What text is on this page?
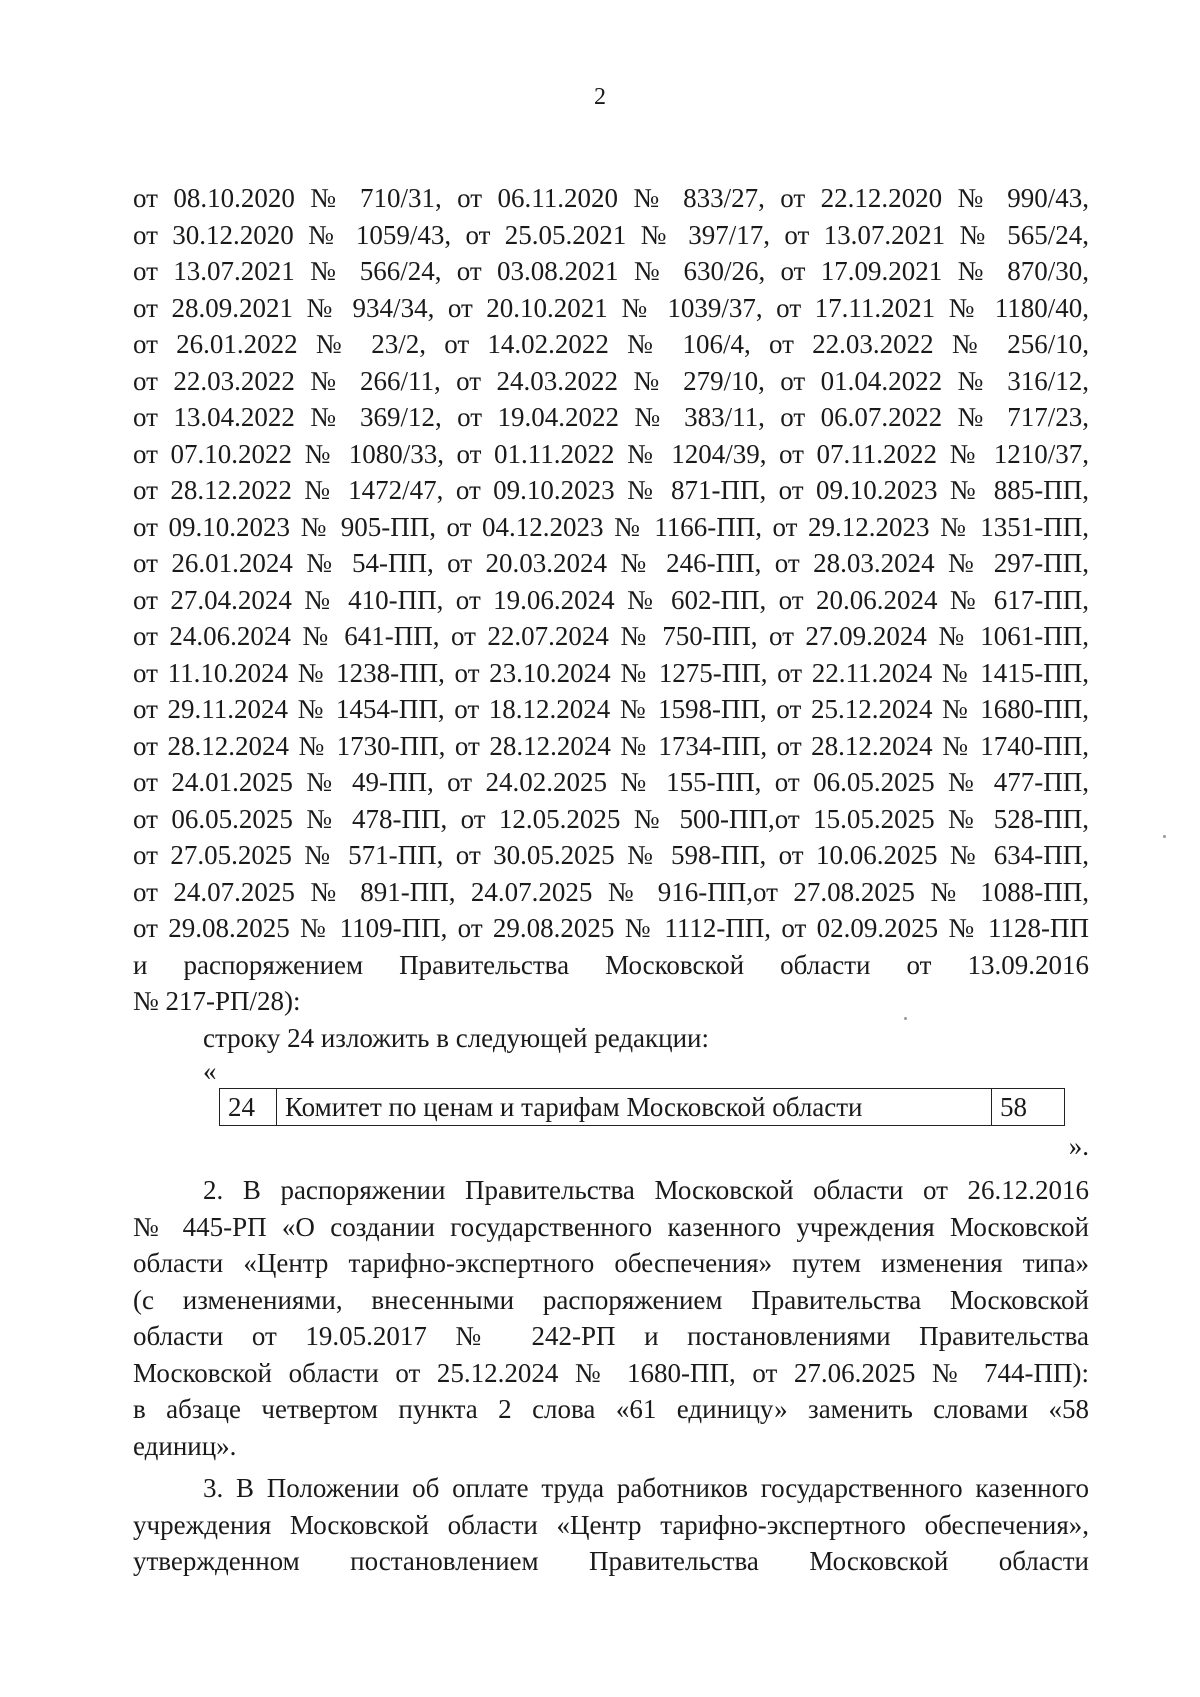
2
от 08.10.2020 № 710/31, от 06.11.2020 № 833/27, от 22.12.2020 № 990/43,
от 30.12.2020 № 1059/43, от 25.05.2021 № 397/17, от 13.07.2021 № 565/24,
от 13.07.2021 № 566/24, от 03.08.2021 № 630/26, от 17.09.2021 № 870/30,
от 28.09.2021 № 934/34, от 20.10.2021 № 1039/37, от 17.11.2021 № 1180/40,
от 26.01.2022 № 23/2, от 14.02.2022 № 106/4, от 22.03.2022 № 256/10,
от 22.03.2022 № 266/11, от 24.03.2022 № 279/10, от 01.04.2022 № 316/12,
от 13.04.2022 № 369/12, от 19.04.2022 № 383/11, от 06.07.2022 № 717/23,
от 07.10.2022 № 1080/33, от 01.11.2022 № 1204/39, от 07.11.2022 № 1210/37,
от 28.12.2022 № 1472/47, от 09.10.2023 № 871-ПП, от 09.10.2023 № 885-ПП,
от 09.10.2023 № 905-ПП, от 04.12.2023 № 1166-ПП, от 29.12.2023 № 1351-ПП,
от 26.01.2024 № 54-ПП, от 20.03.2024 № 246-ПП, от 28.03.2024 № 297-ПП,
от 27.04.2024 № 410-ПП, от 19.06.2024 № 602-ПП, от 20.06.2024 № 617-ПП,
от 24.06.2024 № 641-ПП, от 22.07.2024 № 750-ПП, от 27.09.2024 № 1061-ПП,
от 11.10.2024 № 1238-ПП, от 23.10.2024 № 1275-ПП, от 22.11.2024 № 1415-ПП,
от 29.11.2024 № 1454-ПП, от 18.12.2024 № 1598-ПП, от 25.12.2024 № 1680-ПП,
от 28.12.2024 № 1730-ПП, от 28.12.2024 № 1734-ПП, от 28.12.2024 № 1740-ПП,
от 24.01.2025 № 49-ПП, от 24.02.2025 № 155-ПП, от 06.05.2025 № 477-ПП,
от 06.05.2025 № 478-ПП, от 12.05.2025 № 500-ПП,от 15.05.2025 № 528-ПП,
от 27.05.2025 № 571-ПП, от 30.05.2025 № 598-ПП, от 10.06.2025 № 634-ПП,
от 24.07.2025 № 891-ПП, 24.07.2025 № 916-ПП,от 27.08.2025 № 1088-ПП,
от 29.08.2025 № 1109-ПП, от 29.08.2025 № 1112-ПП, от 02.09.2025 № 1128-ПП
и распоряжением Правительства Московской области от 13.09.2016
№ 217-РП/28):
строку 24 изложить в следующей редакции:
«
24	Комитет по ценам и тарифам Московской области	58
».
2. В распоряжении Правительства Московской области от 26.12.2016
№ 445-РП «О создании государственного казенного учреждения Московской
области «Центр тарифно-экспертного обеспечения» путем изменения типа»
(с изменениями, внесенными распоряжением Правительства Московской
области от 19.05.2017 № 242-РП и постановлениями Правительства
Московской области от 25.12.2024 № 1680-ПП, от 27.06.2025 № 744-ПП):
в абзаце четвертом пункта 2 слова «61 единицу» заменить словами «58
единиц».
3. В Положении об оплате труда работников государственного казенного
учреждения Московской области «Центр тарифно-экспертного обеспечения»,
утвержденном постановлением Правительства Московской области
